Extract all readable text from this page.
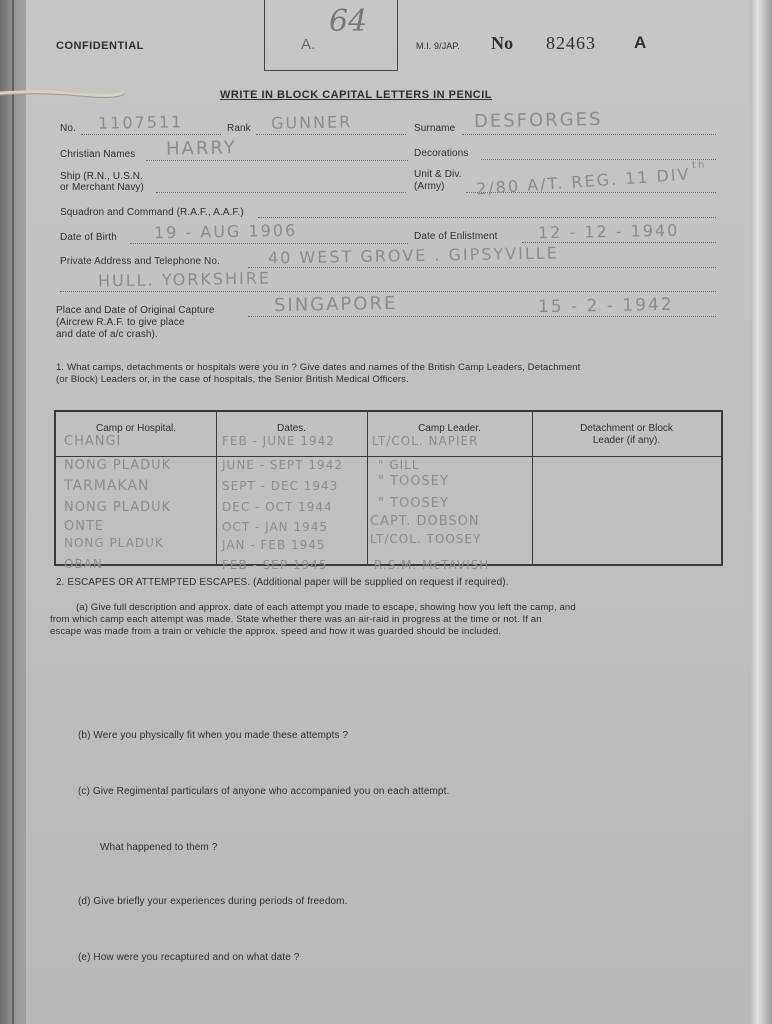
CONFIDENTIAL	A.
64
M.I. 9/JAP. No 82463 A
WRITE IN BLOCK CAPITAL LETTERS IN PENCIL
No. 1107511	Rank GUNNER	Surname DESFORGES
Christian Names HARRY	Decorations
Ship (R.N., U.S.N.
or Merchant Navy)
Unit & Div.
(Army) 2/80 A/T. REG. 11 DIV th
Squadron and Command (R.A.F., A.A.F.)
Date of Birth 19 - AUG 1906	Date of Enlistment	12 - 12 - 1940
Private Address and Telephone No.	40 WEST GROVE . GIPSYVILLE
HULL. YORKSHIRE
Place and Date of Original Capture
(Aircrew R.A.F. to give place
and date of a/c crash).
SINGAPORE	15 - 2 - 1942
1. What camps, detachments or hospitals were you in ? Give dates and names of the British Camp Leaders, Detachment
(or Block) Leaders or, in the case of hospitals, the Senior British Medical Officers.
Camp or Hospital.	Dates.	Camp Leader.	Detachment or Block
Leader (if any).
CHANGI	FEB - JUNE 1942	LT/COL. NAPIER
NONG PLADUK	JUNE - SEPT 1942	" GILL
TARMAKAN	SEPT - DEC 1943	" TOOSEY
NONG PLADUK	DEC - OCT 1944	" TOOSEY
ONTE	OCT - JAN 1945	CAPT. DOBSON
NONG PLADUK	JAN - FEB 1945	LT/COL. TOOSEY
OBAN	FEB - SEP 1945	R.S.M. McTAVISH
2. ESCAPES OR ATTEMPTED ESCAPES. (Additional paper will be supplied on request if required).
(a) Give full description and approx. date of each attempt you made to escape, showing how you left the camp, and
from which camp each attempt was made. State whether there was an air-raid in progress at the time or not. If an
escape was made from a train or vehicle the approx. speed and how it was guarded should be included.
(b) Were you physically fit when you made these attempts ?
(c) Give Regimental particulars of anyone who accompanied you on each attempt.
What happened to them ?
(d) Give briefly your experiences during periods of freedom.
(e) How were you recaptured and on what date ?
